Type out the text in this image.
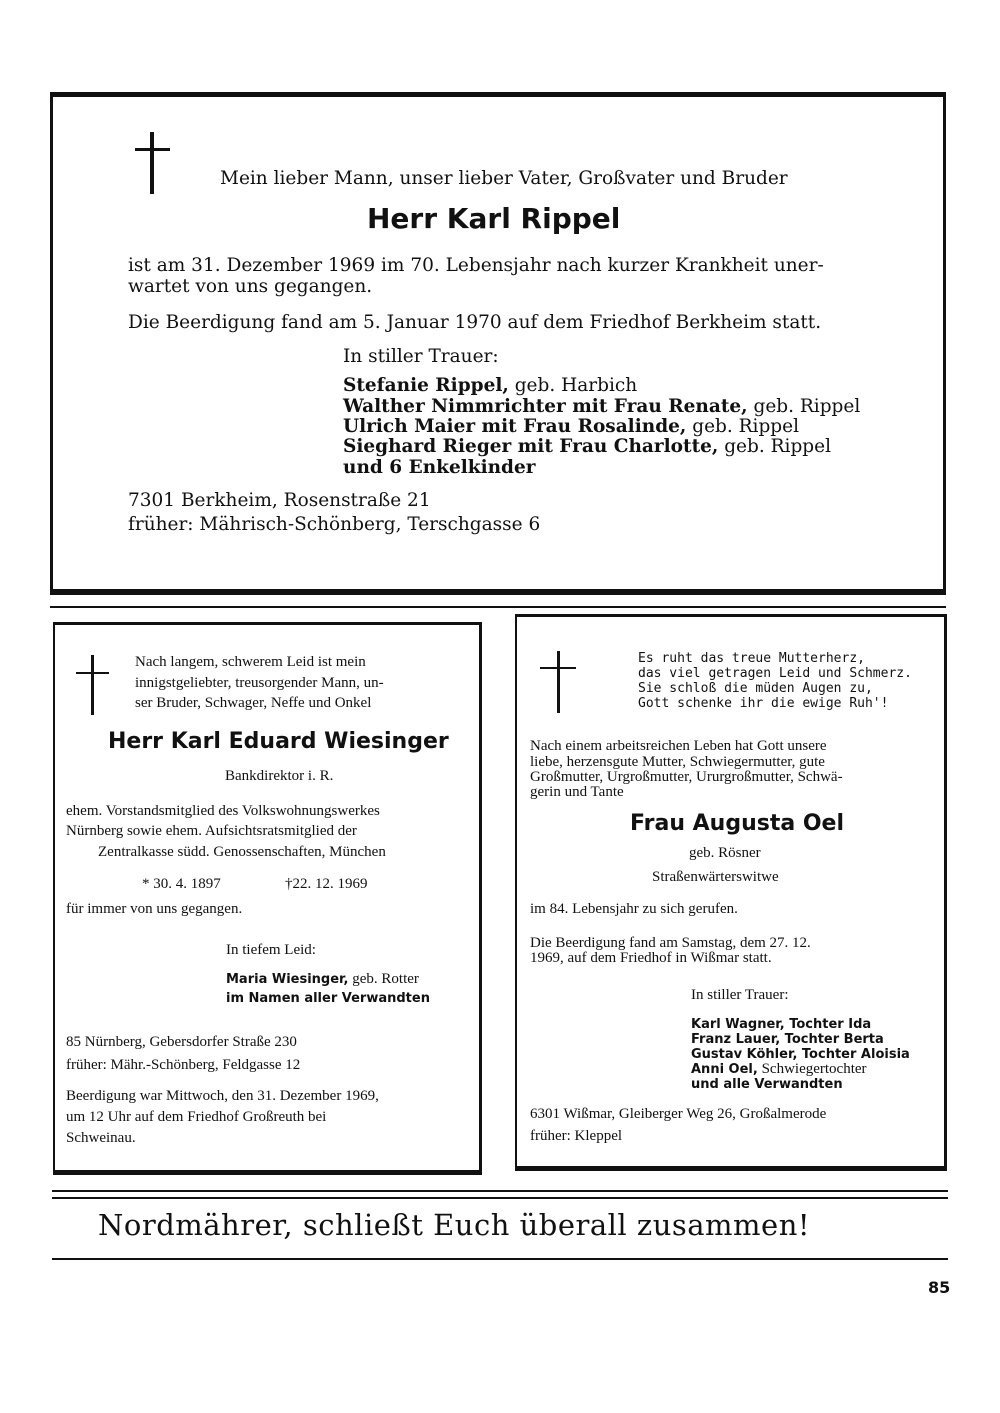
Mein lieber Mann, unser lieber Vater, Großvater und Bruder
Herr Karl Rippel
ist am 31. Dezember 1969 im 70. Lebensjahr nach kurzer Krankheit uner-
wartet von uns gegangen.
Die Beerdigung fand am 5. Januar 1970 auf dem Friedhof Berkheim statt.
In stiller Trauer:
Stefanie Rippel, geb. Harbich
Walther Nimmrichter mit Frau Renate, geb. Rippel
Ulrich Maier mit Frau Rosalinde, geb. Rippel
Sieghard Rieger mit Frau Charlotte, geb. Rippel
und 6 Enkelkinder
7301 Berkheim, Rosenstraße 21
früher: Mährisch-Schönberg, Terschgasse 6
Nach langem, schwerem Leid ist mein
innigstgeliebter, treusorgender Mann, un-
ser Bruder, Schwager, Neffe und Onkel
Herr Karl Eduard Wiesinger
Bankdirektor i. R.
ehem. Vorstandsmitglied des Volkswohnungswerkes
Nürnberg sowie ehem. Aufsichtsratsmitglied der
Zentralkasse südd. Genossenschaften, München
* 30. 4. 1897	†22. 12. 1969
für immer von uns gegangen.
In tiefem Leid:
Maria Wiesinger, geb. Rotter
im Namen aller Verwandten
85 Nürnberg, Gebersdorfer Straße 230
früher: Mähr.-Schönberg, Feldgasse 12
Beerdigung war Mittwoch, den 31. Dezember 1969,
um 12 Uhr auf dem Friedhof Großreuth bei
Schweinau.
Es ruht das treue Mutterherz,
das viel getragen Leid und Schmerz.
Sie schloß die müden Augen zu,
Gott schenke ihr die ewige Ruh'!
Nach einem arbeitsreichen Leben hat Gott unsere
liebe, herzensgute Mutter, Schwiegermutter, gute
Großmutter, Urgroßmutter, Ururgroßmutter, Schwä-
gerin und Tante
Frau Augusta Oel
geb. Rösner
Straßenwärterswitwe
im 84. Lebensjahr zu sich gerufen.
Die Beerdigung fand am Samstag, dem 27. 12.
1969, auf dem Friedhof in Wißmar statt.
In stiller Trauer:
Karl Wagner, Tochter Ida
Franz Lauer, Tochter Berta
Gustav Köhler, Tochter Aloisia
Anni Oel, Schwiegertochter
und alle Verwandten
6301 Wißmar, Gleiberger Weg 26, Großalmerode
früher: Kleppel
Nordmährer, schließt Euch überall zusammen!
85
